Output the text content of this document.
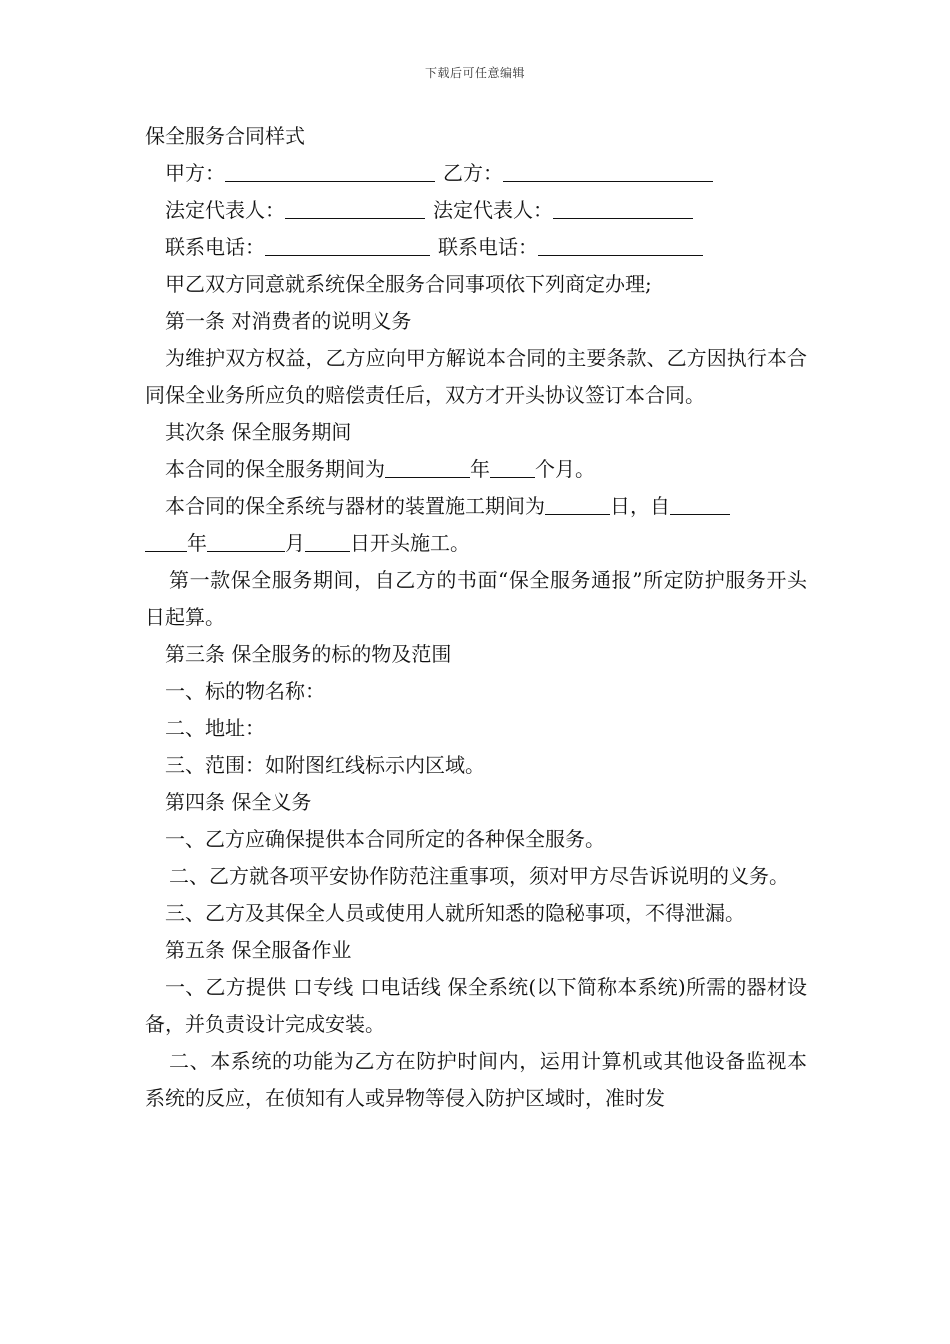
下载后可任意编辑
保全服务合同样式
甲方：	乙方：
法定代表人：	法定代表人：
联系电话：	联系电话：
甲乙双方同意就系统保全服务合同事项依下列商定办理;
第一条 对消费者的说明义务
为维护双方权益，乙方应向甲方解说本合同的主要条款、乙方因执行本合同保全业务所应负的赔偿责任后，双方才开头协议签订本合同。
其次条 保全服务期间
本合同的保全服务期间为	年 个月。
本合同的保全系统与器材的装置施工期间为	日，自
年	月 日开头施工。
第一款保全服务期间，自乙方的书面“保全服务通报”所定防护服务开头日起算。
第三条 保全服务的标的物及范围
一、标的物名称：
二、地址：
三、范围：如附图红线标示内区域。
第四条 保全义务
一、乙方应确保提供本合同所定的各种保全服务。
二、乙方就各项平安协作防范注重事项，须对甲方尽告诉说明的义务。
三、乙方及其保全人员或使用人就所知悉的隐秘事项，不得泄漏。
第五条 保全服备作业
一、乙方提供 口专线 口电话线 保全系统(以下简称本系统)所需的器材设备，并负责设计完成安装。
二、本系统的功能为乙方在防护时间内，运用计算机或其他设备监视本系统的反应，在侦知有人或异物等侵入防护区域时，准时发
